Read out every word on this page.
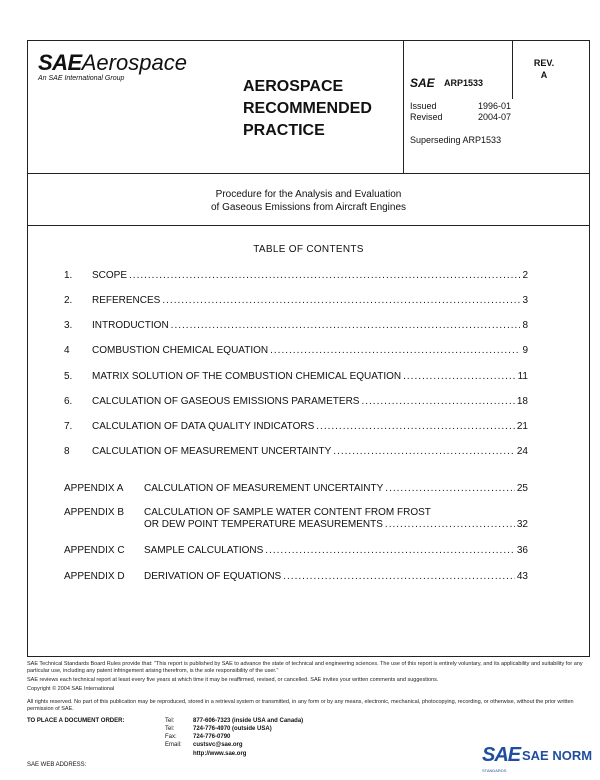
SAEAerospace
An SAE International Group	AEROSPACE
RECOMMENDED
PRACTICE
SAE ARP1533
REV.
A
Issued	1996-01
Revised	2004-07
Superseding ARP1533
Procedure for the Analysis and Evaluation
of Gaseous Emissions from Aircraft Engines
TABLE OF CONTENTS
1. SCOPE .....	2
2. REFERENCES .....	3
3. INTRODUCTION .....	8
4 COMBUSTION CHEMICAL EQUATION .....	9
5. MATRIX SOLUTION OF THE COMBUSTION CHEMICAL EQUATION .....	11
6. CALCULATION OF GASEOUS EMISSIONS PARAMETERS .....	18
7. CALCULATION OF DATA QUALITY INDICATORS .....	21
8 CALCULATION OF MEASUREMENT UNCERTAINTY .....	24
APPENDIX A CALCULATION OF MEASUREMENT UNCERTAINTY .....	25
APPENDIX B CALCULATION OF SAMPLE WATER CONTENT FROM FROST
OR DEW POINT TEMPERATURE MEASUREMENTS .....	32
APPENDIX C SAMPLE CALCULATIONS .....	36
APPENDIX D DERIVATION OF EQUATIONS .....	43
SAE Technical Standards Board Rules provide that: "This report is published by SAE to advance the state of technical and engineering sciences. The use of this report is entirely voluntary, and its applicability and suitability for any particular use, including any patent infringement arising therefrom, is the sole responsibility of the user."
SAE reviews each technical report at least every five years at which time it may be reaffirmed, revised, or cancelled. SAE invites your written comments and suggestions.
Copyright © 2004 SAE International
All rights reserved. No part of this publication may be reproduced, stored in a retrieval system or transmitted, in any form or by any means, electronic, mechanical, photocopying, recording, or otherwise, without the prior written permission of SAE.
TO PLACE A DOCUMENT ORDER:	Tel:	877-606-7323 (inside USA and Canada)
Tel:	724-776-4970 (outside USA)
Fax:	724-776-0790
Email: custsvc@sae.org
http://www.sae.org
SAE WEB ADDRESS:	SAE SAE NORM
STANDARDS
